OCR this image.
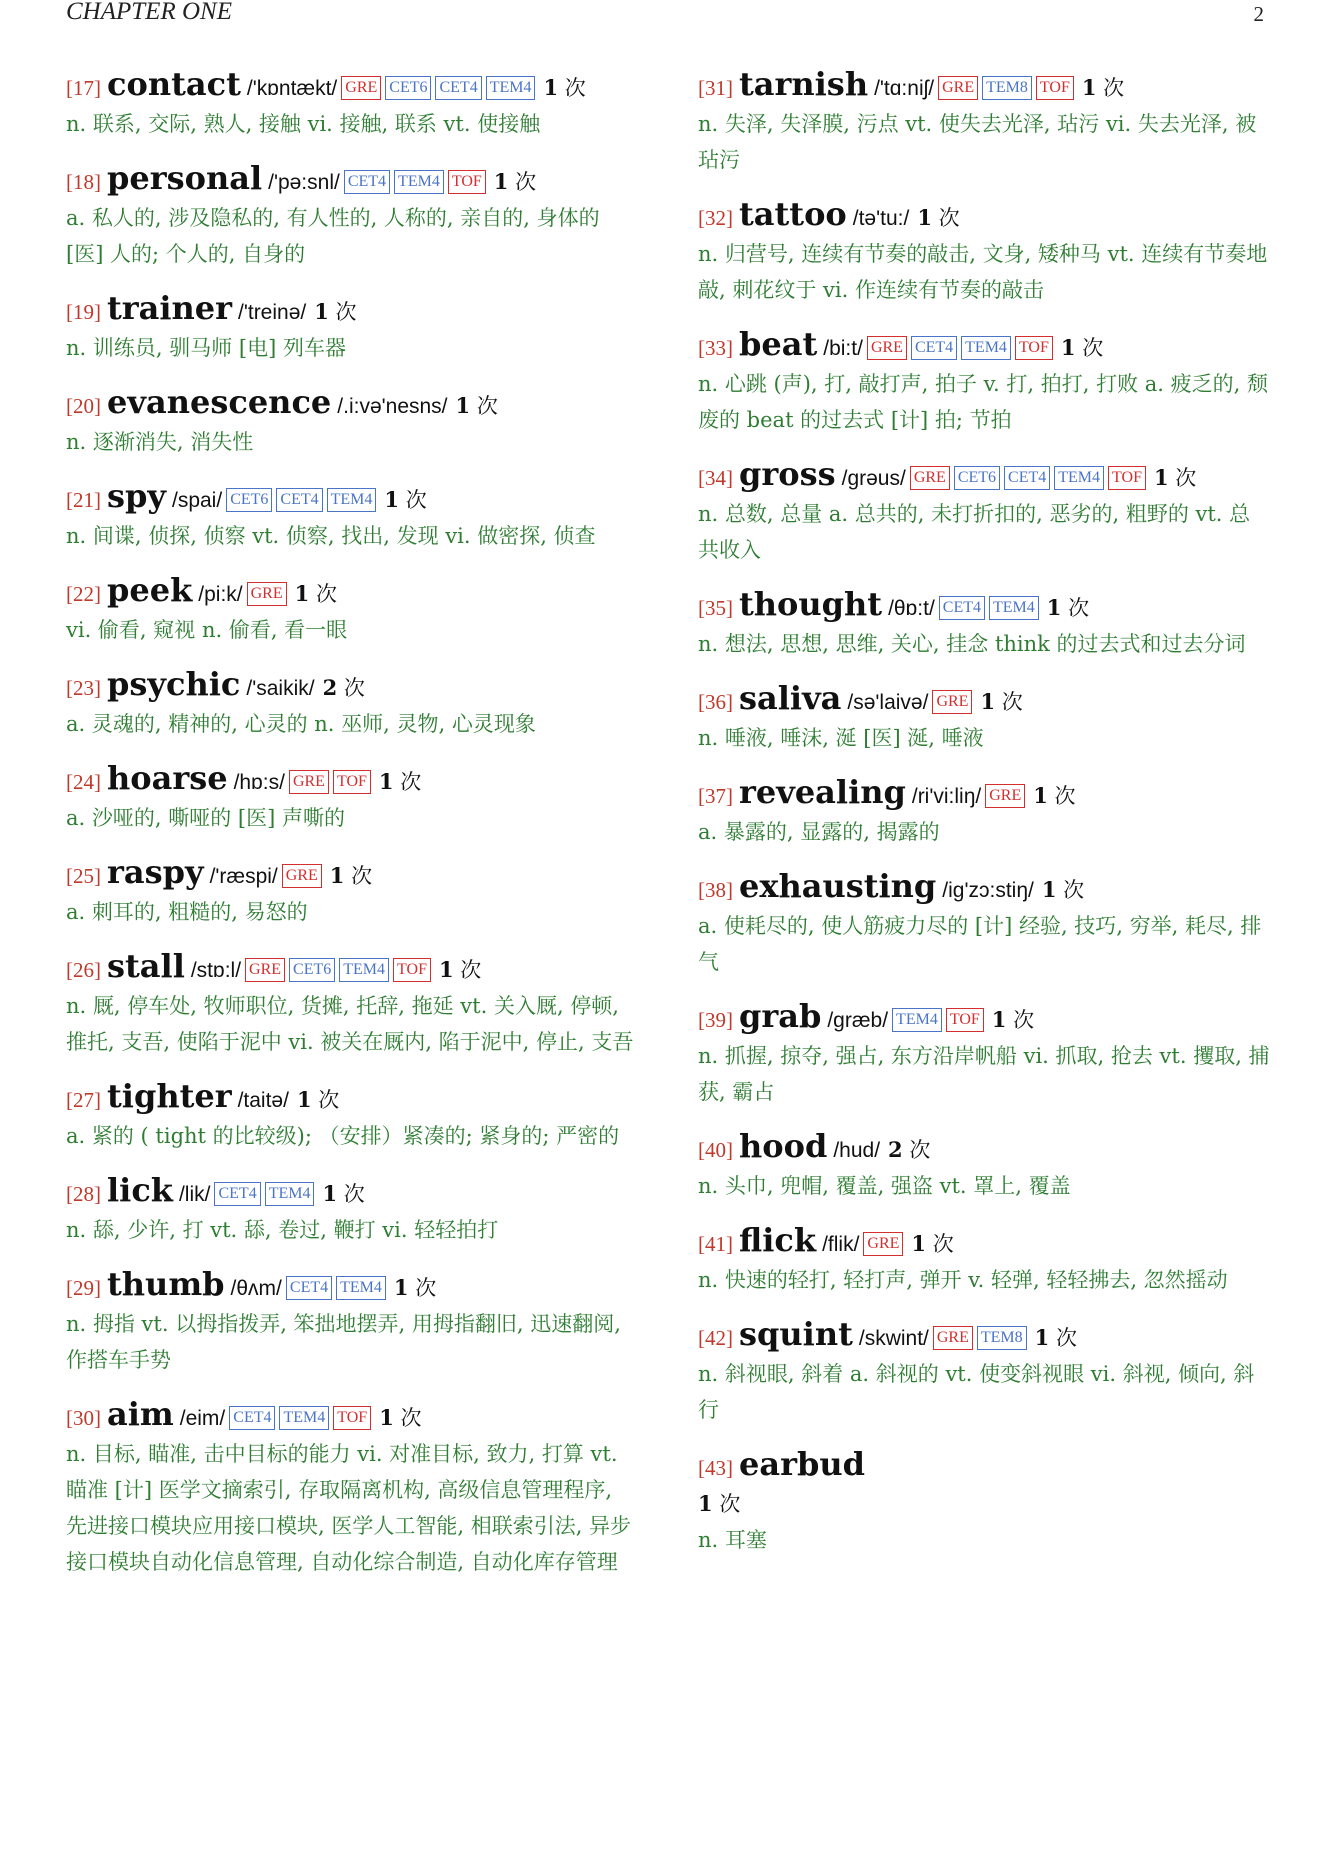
CHAPTER ONE	2
[17] contact /'kɒntækt/ GRE CET6 CET4 TEM4 1 次
n. 联系, 交际, 熟人, 接触 vi. 接触, 联系 vt. 使接触
[18] personal /'pə:snl/ CET4 TEM4 TOF 1 次
a. 私人的, 涉及隐私的, 有人性的, 人称的, 亲自的, 身体的 [医] 人的; 个人的, 自身的
[19] trainer /'treinə/ 1 次
n. 训练员, 驯马师 [电] 列车器
[20] evanescence /.i:və'nesns/ 1 次
n. 逐渐消失, 消失性
[21] spy /spai/ CET6 CET4 TEM4 1 次
n. 间谍, 侦探, 侦察 vt. 侦察, 找出, 发现 vi. 做密探, 侦查
[22] peek /pi:k/ GRE 1 次
vi. 偷看, 窥视 n. 偷看, 看一眼
[23] psychic /'saikik/ 2 次
a. 灵魂的, 精神的, 心灵的 n. 巫师, 灵物, 心灵现象
[24] hoarse /hɒ:s/ GRE TOF 1 次
a. 沙哑的, 嘶哑的 [医] 声嘶的
[25] raspy /'ræspi/ GRE 1 次
a. 刺耳的, 粗糙的, 易怒的
[26] stall /stɒ:l/ GRE CET6 TEM4 TOF 1 次
n. 厩, 停车处, 牧师职位, 货摊, 托辞, 拖延 vt. 关入厩, 停顿, 推托, 支吾, 使陷于泥中 vi. 被关在厩内, 陷于泥中, 停止, 支吾
[27] tighter /taitə/ 1 次
a. 紧的 ( tight 的比较级); （安排）紧凑的; 紧身的; 严密的
[28] lick /lik/ CET4 TEM4 1 次
n. 舔, 少许, 打 vt. 舔, 卷过, 鞭打 vi. 轻轻拍打
[29] thumb /θʌm/ CET4 TEM4 1 次
n. 拇指 vt. 以拇指拨弄, 笨拙地摆弄, 用拇指翻旧, 迅速翻阅, 作搭车手势
[30] aim /eim/ CET4 TEM4 TOF 1 次
n. 目标, 瞄准, 击中目标的能力 vi. 对准目标, 致力, 打算 vt. 瞄准 [计] 医学文摘索引, 存取隔离机构, 高级信息管理程序, 先进接口模块应用接口模块, 医学人工智能, 相联索引法, 异步接口模块自动化信息管理, 自动化综合制造, 自动化库存管理
[31] tarnish /'tɑ:niʃ/ GRE TEM8 TOF 1 次
n. 失泽, 失泽膜, 污点 vt. 使失去光泽, 玷污 vi. 失去光泽, 被玷污
[32] tattoo /tə'tu:/ 1 次
n. 归营号, 连续有节奏的敲击, 文身, 矮种马 vt. 连续有节奏地敲, 刺花纹于 vi. 作连续有节奏的敲击
[33] beat /bi:t/ GRE CET4 TEM4 TOF 1 次
n. 心跳 (声), 打, 敲打声, 拍子 v. 打, 拍打, 打败 a. 疲乏的, 颓废的 beat 的过去式 [计] 拍; 节拍
[34] gross /grəus/ GRE CET6 CET4 TEM4 TOF 1 次
n. 总数, 总量 a. 总共的, 未打折扣的, 恶劣的, 粗野的 vt. 总共收入
[35] thought /θɒ:t/ CET4 TEM4 1 次
n. 想法, 思想, 思维, 关心, 挂念 think 的过去式和过去分词
[36] saliva /sə'laivə/ GRE 1 次
n. 唾液, 唾沫, 涎 [医] 涎, 唾液
[37] revealing /ri'vi:liŋ/ GRE 1 次
a. 暴露的, 显露的, 揭露的
[38] exhausting /ig'zɔ:stiŋ/ 1 次
a. 使耗尽的, 使人筋疲力尽的 [计] 经验, 技巧, 穷举, 耗尽, 排气
[39] grab /græb/ TEM4 TOF 1 次
n. 抓握, 掠夺, 强占, 东方沿岸帆船 vi. 抓取, 抢去 vt. 攫取, 捕获, 霸占
[40] hood /hud/ 2 次
n. 头巾, 兜帽, 覆盖, 强盗 vt. 罩上, 覆盖
[41] flick /flik/ GRE 1 次
n. 快速的轻打, 轻打声, 弹开 v. 轻弹, 轻轻拂去, 忽然摇动
[42] squint /skwint/ GRE TEM8 1 次
n. 斜视眼, 斜着 a. 斜视的 vt. 使变斜视眼 vi. 斜视, 倾向, 斜行
[43] earbud
1 次
n. 耳塞
